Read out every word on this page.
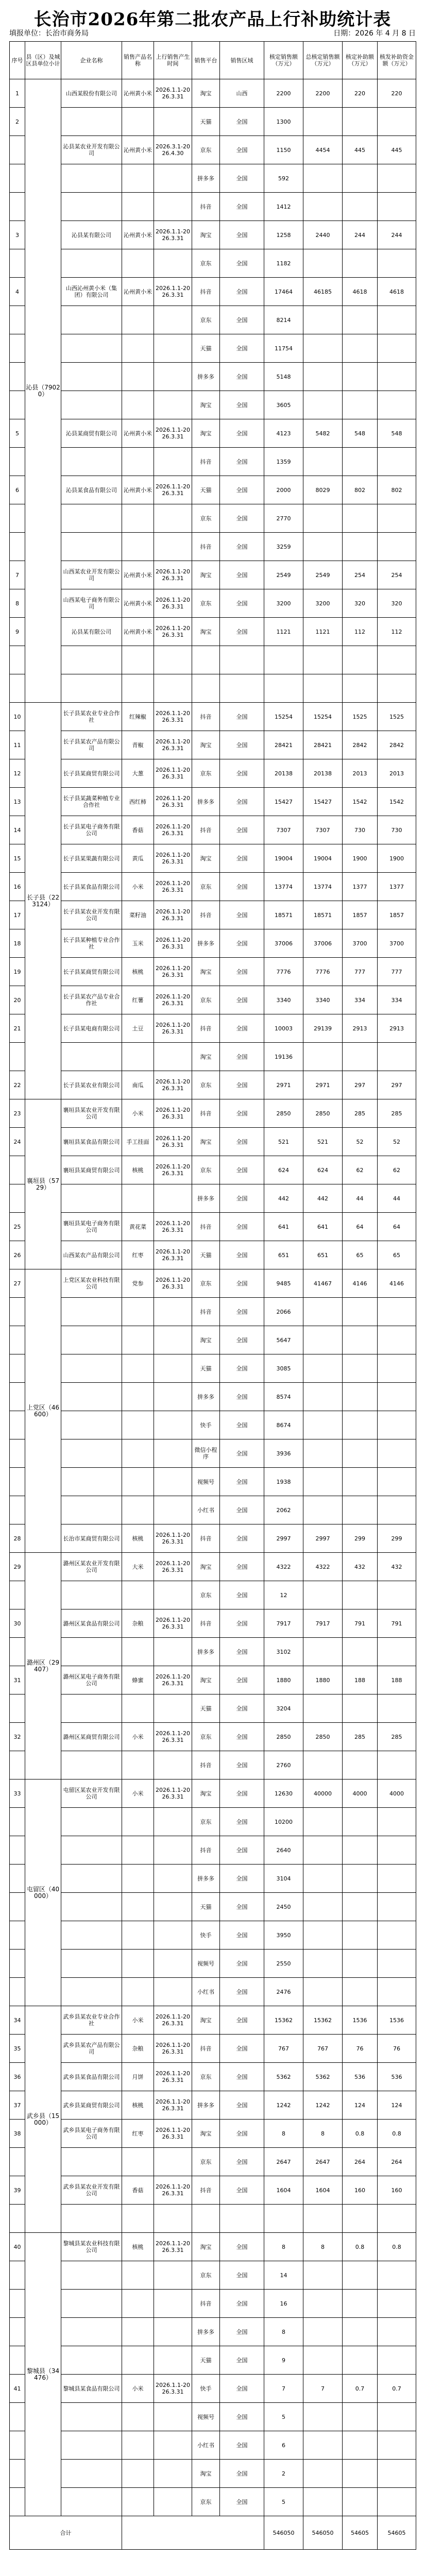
长治市2026年第二批农产品上行补助统计表
填报单位：长治市商务局	日期：2026 年 4 月 8 日
序号	县（区）及城区县单位小计	企业名称	销售产品名称	上行销售产生时间	销售平台	销售区域	核定销售额（万元）	总核定销售额（万元）	核定补助额（万元）	核发补助资金额（万元）
1	沁县（79020）	山西某股份有限公司	沁州黄小米	2026.1.1-2026.3.31	淘宝	山西	2200	2200	220	220
2					天猫	全国	1300			
		沁县某农业开发有限公司	沁州黄小米	2026.3.1-2026.4.30	京东	全国	1150	4454	445	445
					拼多多	全国	592			
					抖音	全国	1412			
3		沁县某有限公司	沁州黄小米	2026.1.1-2026.3.31	淘宝	全国	1258	2440	244	244
					京东	全国	1182			
4		山西沁州黄小米（集团）有限公司	沁州黄小米	2026.1.1-2026.3.31	抖音	全国	17464	46185	4618	4618
					京东	全国	8214			
					天猫	全国	11754			
					拼多多	全国	5148			
					淘宝	全国	3605			
5		沁县某商贸有限公司	沁州黄小米	2026.1.1-2026.3.31	淘宝	全国	4123	5482	548	548
					抖音	全国	1359			
6		沁县某食品有限公司	沁州黄小米	2026.1.1-2026.3.31	天猫	全国	2000	8029	802	802
					京东	全国	2770			
					抖音	全国	3259			
7		山西某农业开发有限公司	沁州黄小米	2026.1.1-2026.3.31	淘宝	全国	2549	2549	254	254
8		山西某电子商务有限公司	沁州黄小米	2026.1.1-2026.3.31	京东	全国	3200	3200	320	320
9		沁县某有限公司	沁州黄小米	2026.1.1-2026.3.31	淘宝	全国	1121	1121	112	112

10	长子县（223124）	长子县某农业专业合作社	红辣椒	2026.1.1-2026.3.31	抖音	全国	15254	15254	1525	1525
11		长子县某农产品有限公司	青椒	2026.1.1-2026.3.31	淘宝	全国	28421	28421	2842	2842
12		长子县某商贸有限公司	大葱	2026.1.1-2026.3.31	京东	全国	20138	20138	2013	2013
13		长子县某蔬菜种植专业合作社	西红柿	2026.1.1-2026.3.31	拼多多	全国	15427	15427	1542	1542
14		长子县某电子商务有限公司	香菇	2026.1.1-2026.3.31	抖音	全国	7307	7307	730	730
15		长子县某果蔬有限公司	黄瓜	2026.1.1-2026.3.31	淘宝	全国	19004	19004	1900	1900
16		长子县某食品有限公司	小米	2026.1.1-2026.3.31	京东	全国	13774	13774	1377	1377
17		长子县某农业开发有限公司	菜籽油	2026.1.1-2026.3.31	抖音	全国	18571	18571	1857	1857
18		长子县某种植专业合作社	玉米	2026.1.1-2026.3.31	拼多多	全国	37006	37006	3700	3700
19		长子县某商贸有限公司	核桃	2026.1.1-2026.3.31	淘宝	全国	7776	7776	777	777
20		长子县某农产品专业合作社	红薯	2026.1.1-2026.3.31	京东	全国	3340	3340	334	334
21		长子县某电商有限公司	土豆	2026.1.1-2026.3.31	抖音	全国	10003	29139	2913	2913
					淘宝	全国	19136			
22		长子县某农业有限公司	南瓜	2026.1.1-2026.3.31	京东	全国	2971	2971	297	297
23	襄垣县（5729）	襄垣县某农业开发有限公司	小米	2026.1.1-2026.3.31	抖音	全国	2850	2850	285	285
24		襄垣县某食品有限公司	手工挂面	2026.1.1-2026.3.31	淘宝	全国	521	521	52	52
		襄垣县某商贸有限公司	核桃	2026.1.1-2026.3.31	京东	全国	624	624	62	62
					拼多多	全国	442	442	44	44
25		襄垣县某电子商务有限公司	黄花菜	2026.1.1-2026.3.31	抖音	全国	641	641	64	64
26		山西某农产品有限公司	红枣	2026.1.1-2026.3.31	天猫	全国	651	651	65	65
27	上党区（46600）	上党区某农业科技有限公司	党参	2026.1.1-2026.3.31	京东	全国	9485	41467	4146	4146
					抖音	全国	2066			
					淘宝	全国	5647			
					天猫	全国	3085			
					拼多多	全国	8574			
					快手	全国	8674			
					微信小程序	全国	3936			
					视频号	全国	1938			
					小红书	全国	2062			
28		长治市某商贸有限公司	核桃	2026.1.1-2026.3.31	抖音	全国	2997	2997	299	299
29	潞州区（29407）	潞州区某农业开发有限公司	大米	2026.1.1-2026.3.31	淘宝	全国	4322	4322	432	432
					京东	全国	12			
30		潞州区某食品有限公司	杂粮	2026.1.1-2026.3.31	抖音	全国	7917	7917	791	791
					拼多多	全国	3102			
31		潞州区某电子商务有限公司	蜂蜜	2026.1.1-2026.3.31	淘宝	全国	1880	1880	188	188
					天猫	全国	3204			
32		潞州区某商贸有限公司	小米	2026.1.1-2026.3.31	京东	全国	2850	2850	285	285
					抖音	全国	2760			
33	屯留区（40000）	屯留区某农业开发有限公司	小米	2026.1.1-2026.3.31	淘宝	全国	12630	40000	4000	4000
					京东	全国	10200			
					抖音	全国	2640			
					拼多多	全国	3104			
					天猫	全国	2450			
					快手	全国	3950			
					视频号	全国	2550			
					小红书	全国	2476			
34	武乡县（15000）	武乡县某农业专业合作社	小米	2026.1.1-2026.3.31	淘宝	全国	15362	15362	1536	1536
35		武乡县某农产品有限公司	杂粮	2026.1.1-2026.3.31	抖音	全国	767	767	76	76
36		武乡县某食品有限公司	月饼	2026.1.1-2026.3.31	京东	全国	5362	5362	536	536
37		武乡县某商贸有限公司	核桃	2026.1.1-2026.3.31	拼多多	全国	1242	1242	124	124
38		武乡县某电子商务有限公司	红枣	2026.1.1-2026.3.31	淘宝	全国	8	8	0.8	0.8
					京东	全国	2647	2647	264	264
39		武乡县某农业开发有限公司	香菇	2026.1.1-2026.3.31	抖音	全国	1604	1604	160	160

40	黎城县（34476）	黎城县某农业科技有限公司	核桃	2026.1.1-2026.3.31	淘宝	全国	8	8	0.8	0.8
					京东	全国	14			
					抖音	全国	16			
					拼多多	全国	8			
					天猫	全国	9			
41		黎城县某食品有限公司	小米	2026.1.1-2026.3.31	快手	全国	7	7	0.7	0.7
					视频号	全国	5			
					小红书	全国	6			
					淘宝	全国	2			
					京东	全国	5			
合计							546050	546050	54605	54605
